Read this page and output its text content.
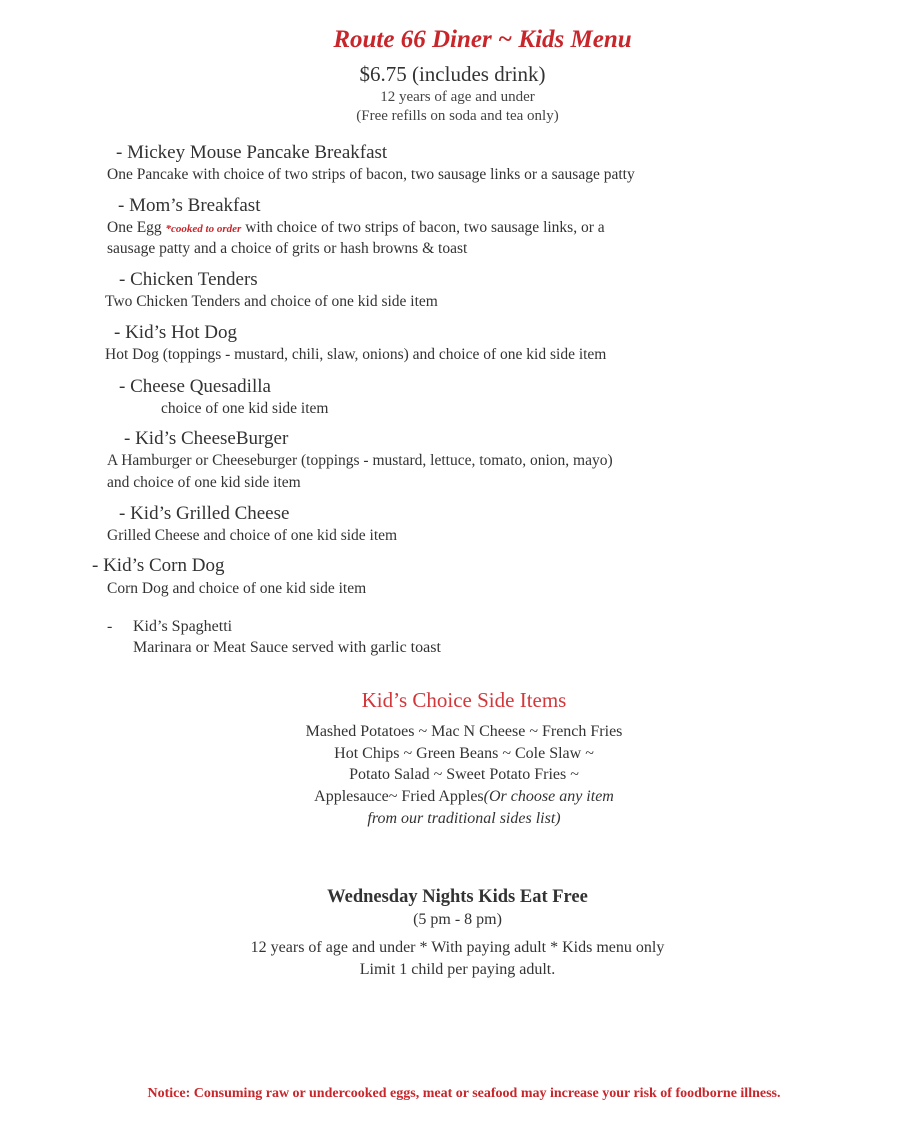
Route 66 Diner ~ Kids Menu
$6.75 (includes drink)
12 years of age and under
(Free refills on soda and tea only)
- Mickey Mouse Pancake Breakfast
One Pancake with choice of two strips of bacon, two sausage links or a sausage patty
- Mom’s Breakfast
One Egg *cooked to order with choice of two strips of bacon, two sausage links, or a
sausage patty and a choice of grits or hash browns & toast
- Chicken Tenders
Two Chicken Tenders and choice of one kid side item
- Kid’s Hot Dog
Hot Dog (toppings - mustard, chili, slaw, onions) and choice of one kid side item
- Cheese Quesadilla
choice of one kid side item
- Kid’s CheeseBurger
A Hamburger or Cheeseburger (toppings - mustard, lettuce, tomato, onion, mayo)
and choice of one kid side item
- Kid’s Grilled Cheese
Grilled Cheese and choice of one kid side item
- Kid’s Corn Dog
Corn Dog and choice of one kid side item
- Kid’s Spaghetti
Marinara or Meat Sauce served with garlic toast
Kid’s Choice Side Items
Mashed Potatoes ~ Mac N Cheese ~ French Fries
Hot Chips ~ Green Beans ~ Cole Slaw ~
Potato Salad ~ Sweet Potato Fries ~
Applesauce~ Fried Apples(Or choose any item
from our traditional sides list)
Wednesday Nights Kids Eat Free
(5 pm - 8 pm)
12 years of age and under * With paying adult * Kids menu only
Limit 1 child per paying adult.
Notice: Consuming raw or undercooked eggs, meat or seafood may increase your risk of foodborne illness.
